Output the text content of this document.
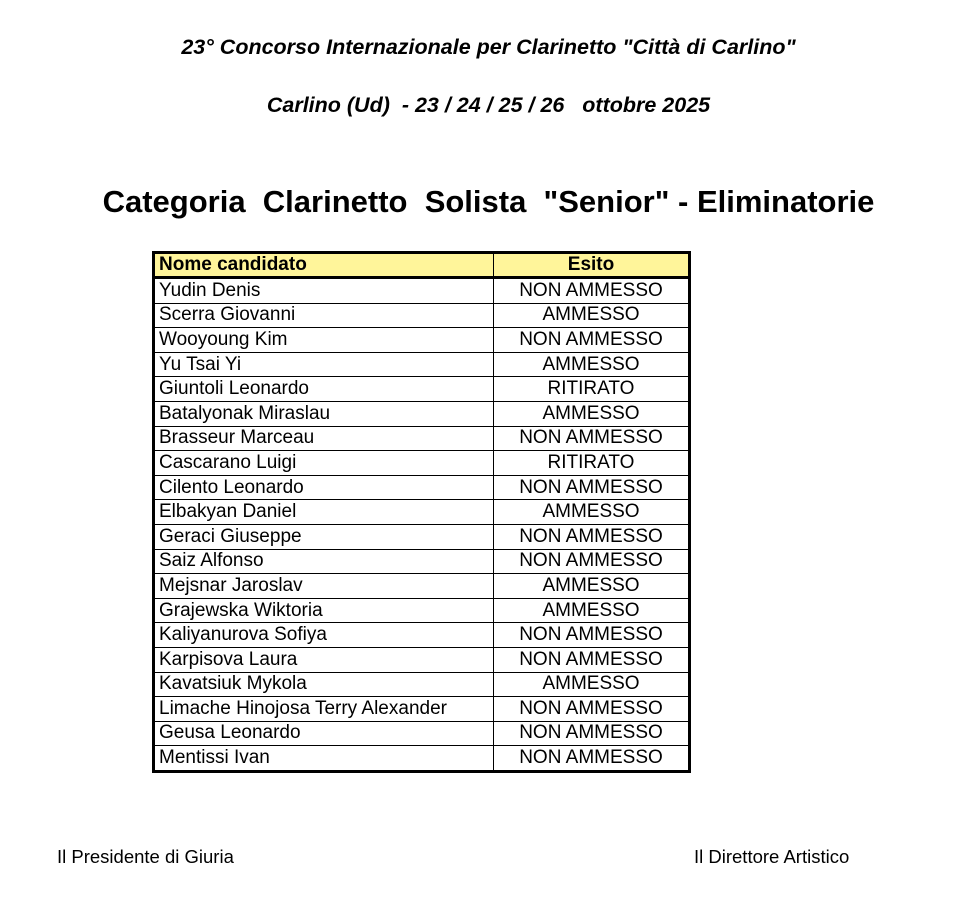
23° Concorso Internazionale per Clarinetto "Città di Carlino"
Carlino (Ud)  - 23 / 24 / 25 / 26   ottobre 2025
Categoria  Clarinetto  Solista  "Senior" - Eliminatorie
Nome candidato	Esito
Yudin Denis	NON AMMESSO
Scerra Giovanni	AMMESSO
Wooyoung Kim	NON AMMESSO
Yu Tsai Yi	AMMESSO
Giuntoli Leonardo	RITIRATO
Batalyonak Miraslau	AMMESSO
Brasseur Marceau	NON AMMESSO
Cascarano Luigi	RITIRATO
Cilento Leonardo	NON AMMESSO
Elbakyan Daniel	AMMESSO
Geraci Giuseppe	NON AMMESSO
Saiz Alfonso	NON AMMESSO
Mejsnar Jaroslav	AMMESSO
Grajewska Wiktoria	AMMESSO
Kaliyanurova Sofiya	NON AMMESSO
Karpisova Laura	NON AMMESSO
Kavatsiuk Mykola	AMMESSO
Limache Hinojosa Terry Alexander	NON AMMESSO
Geusa Leonardo	NON AMMESSO
Mentissi Ivan	NON AMMESSO
Il Presidente di Giuria	Il Direttore Artistico
